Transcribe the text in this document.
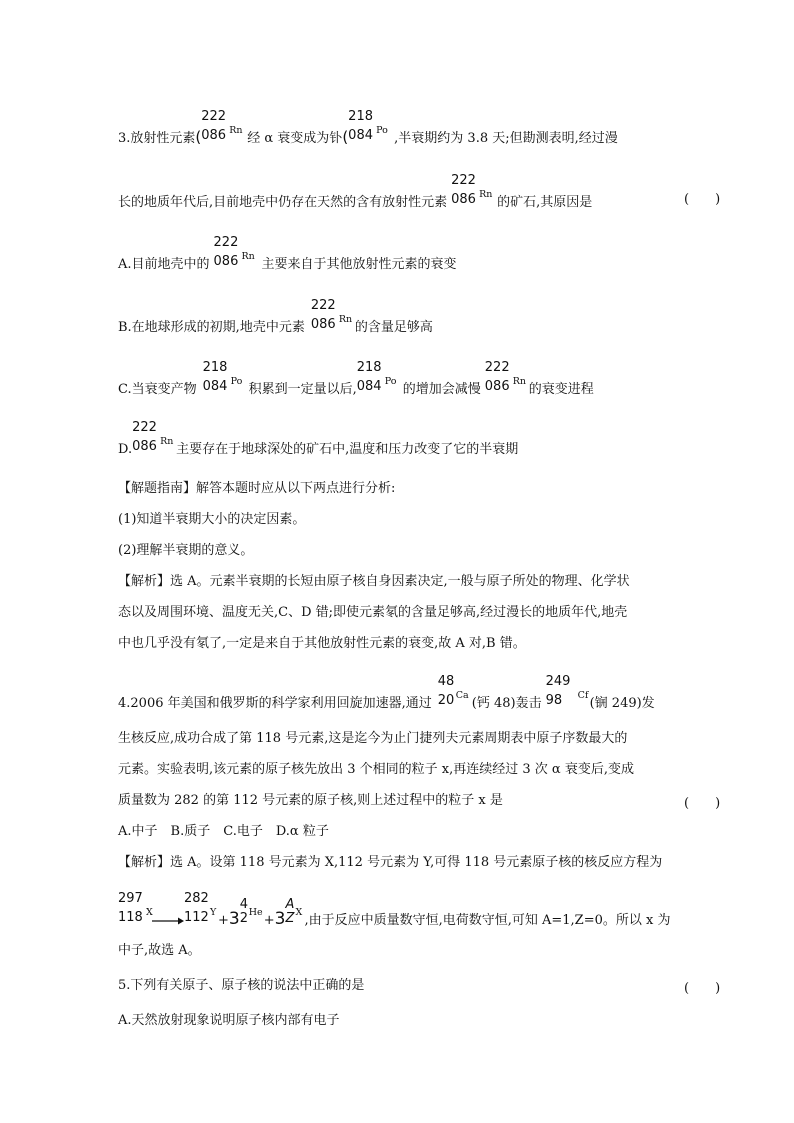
3.放射性元素(
222
086 Rn
经 α 衰变成为钋(
218
084 Po
,半衰期约为 3.8 天;但勘测表明,经过漫
长的地质年代后,目前地壳中仍存在天然的含有放射性元素
222
086 Rn
的矿石,其原因是	(　　)
A.目前地壳中的
222
086 Rn
主要来自于其他放射性元素的衰变
B.在地球形成的初期,地壳中元素
222
086 Rn
的含量足够高
C.当衰变产物
218
084 Po
积累到一定量以后,
218
084 Po
的增加会减慢
222
086 Rn
的衰变进程
D.
222
086 Rn
主要存在于地球深处的矿石中,温度和压力改变了它的半衰期
【解题指南】解答本题时应从以下两点进行分析:
(1)知道半衰期大小的决定因素。
(2)理解半衰期的意义。
【解析】选 A。元素半衰期的长短由原子核自身因素决定,一般与原子所处的物理、化学状
态以及周围环境、温度无关,C、D 错;即使元素氡的含量足够高,经过漫长的地质年代,地壳
中也几乎没有氡了,一定是来自于其他放射性元素的衰变,故 A 对,B 错。
4.2006 年美国和俄罗斯的科学家利用回旋加速器,通过
48
20 Ca
(钙 48)轰击
249
98 Cf
(锎 249)发
生核反应,成功合成了第 118 号元素,这是迄今为止门捷列夫元素周期表中原子序数最大的
元素。实验表明,该元素的原子核先放出 3 个相同的粒子 x,再连续经过 3 次 α 衰变后,变成
质量数为 282 的第 112 号元素的原子核,则上述过程中的粒子 x 是	(　　)
A.中子　B.质子　C.电子　D.α 粒子
【解析】选 A。设第 118 号元素为 X,112 号元素为 Y,可得 118 号元素原子核的核反应方程为
297
118 X
282
112 Y
+3
4
2 He
+3
A
Z X
,由于反应中质量数守恒,电荷数守恒,可知 A=1,Z=0。所以 x 为
中子,故选 A。
5.下列有关原子、原子核的说法中正确的是	(　　)
A.天然放射现象说明原子核内部有电子
